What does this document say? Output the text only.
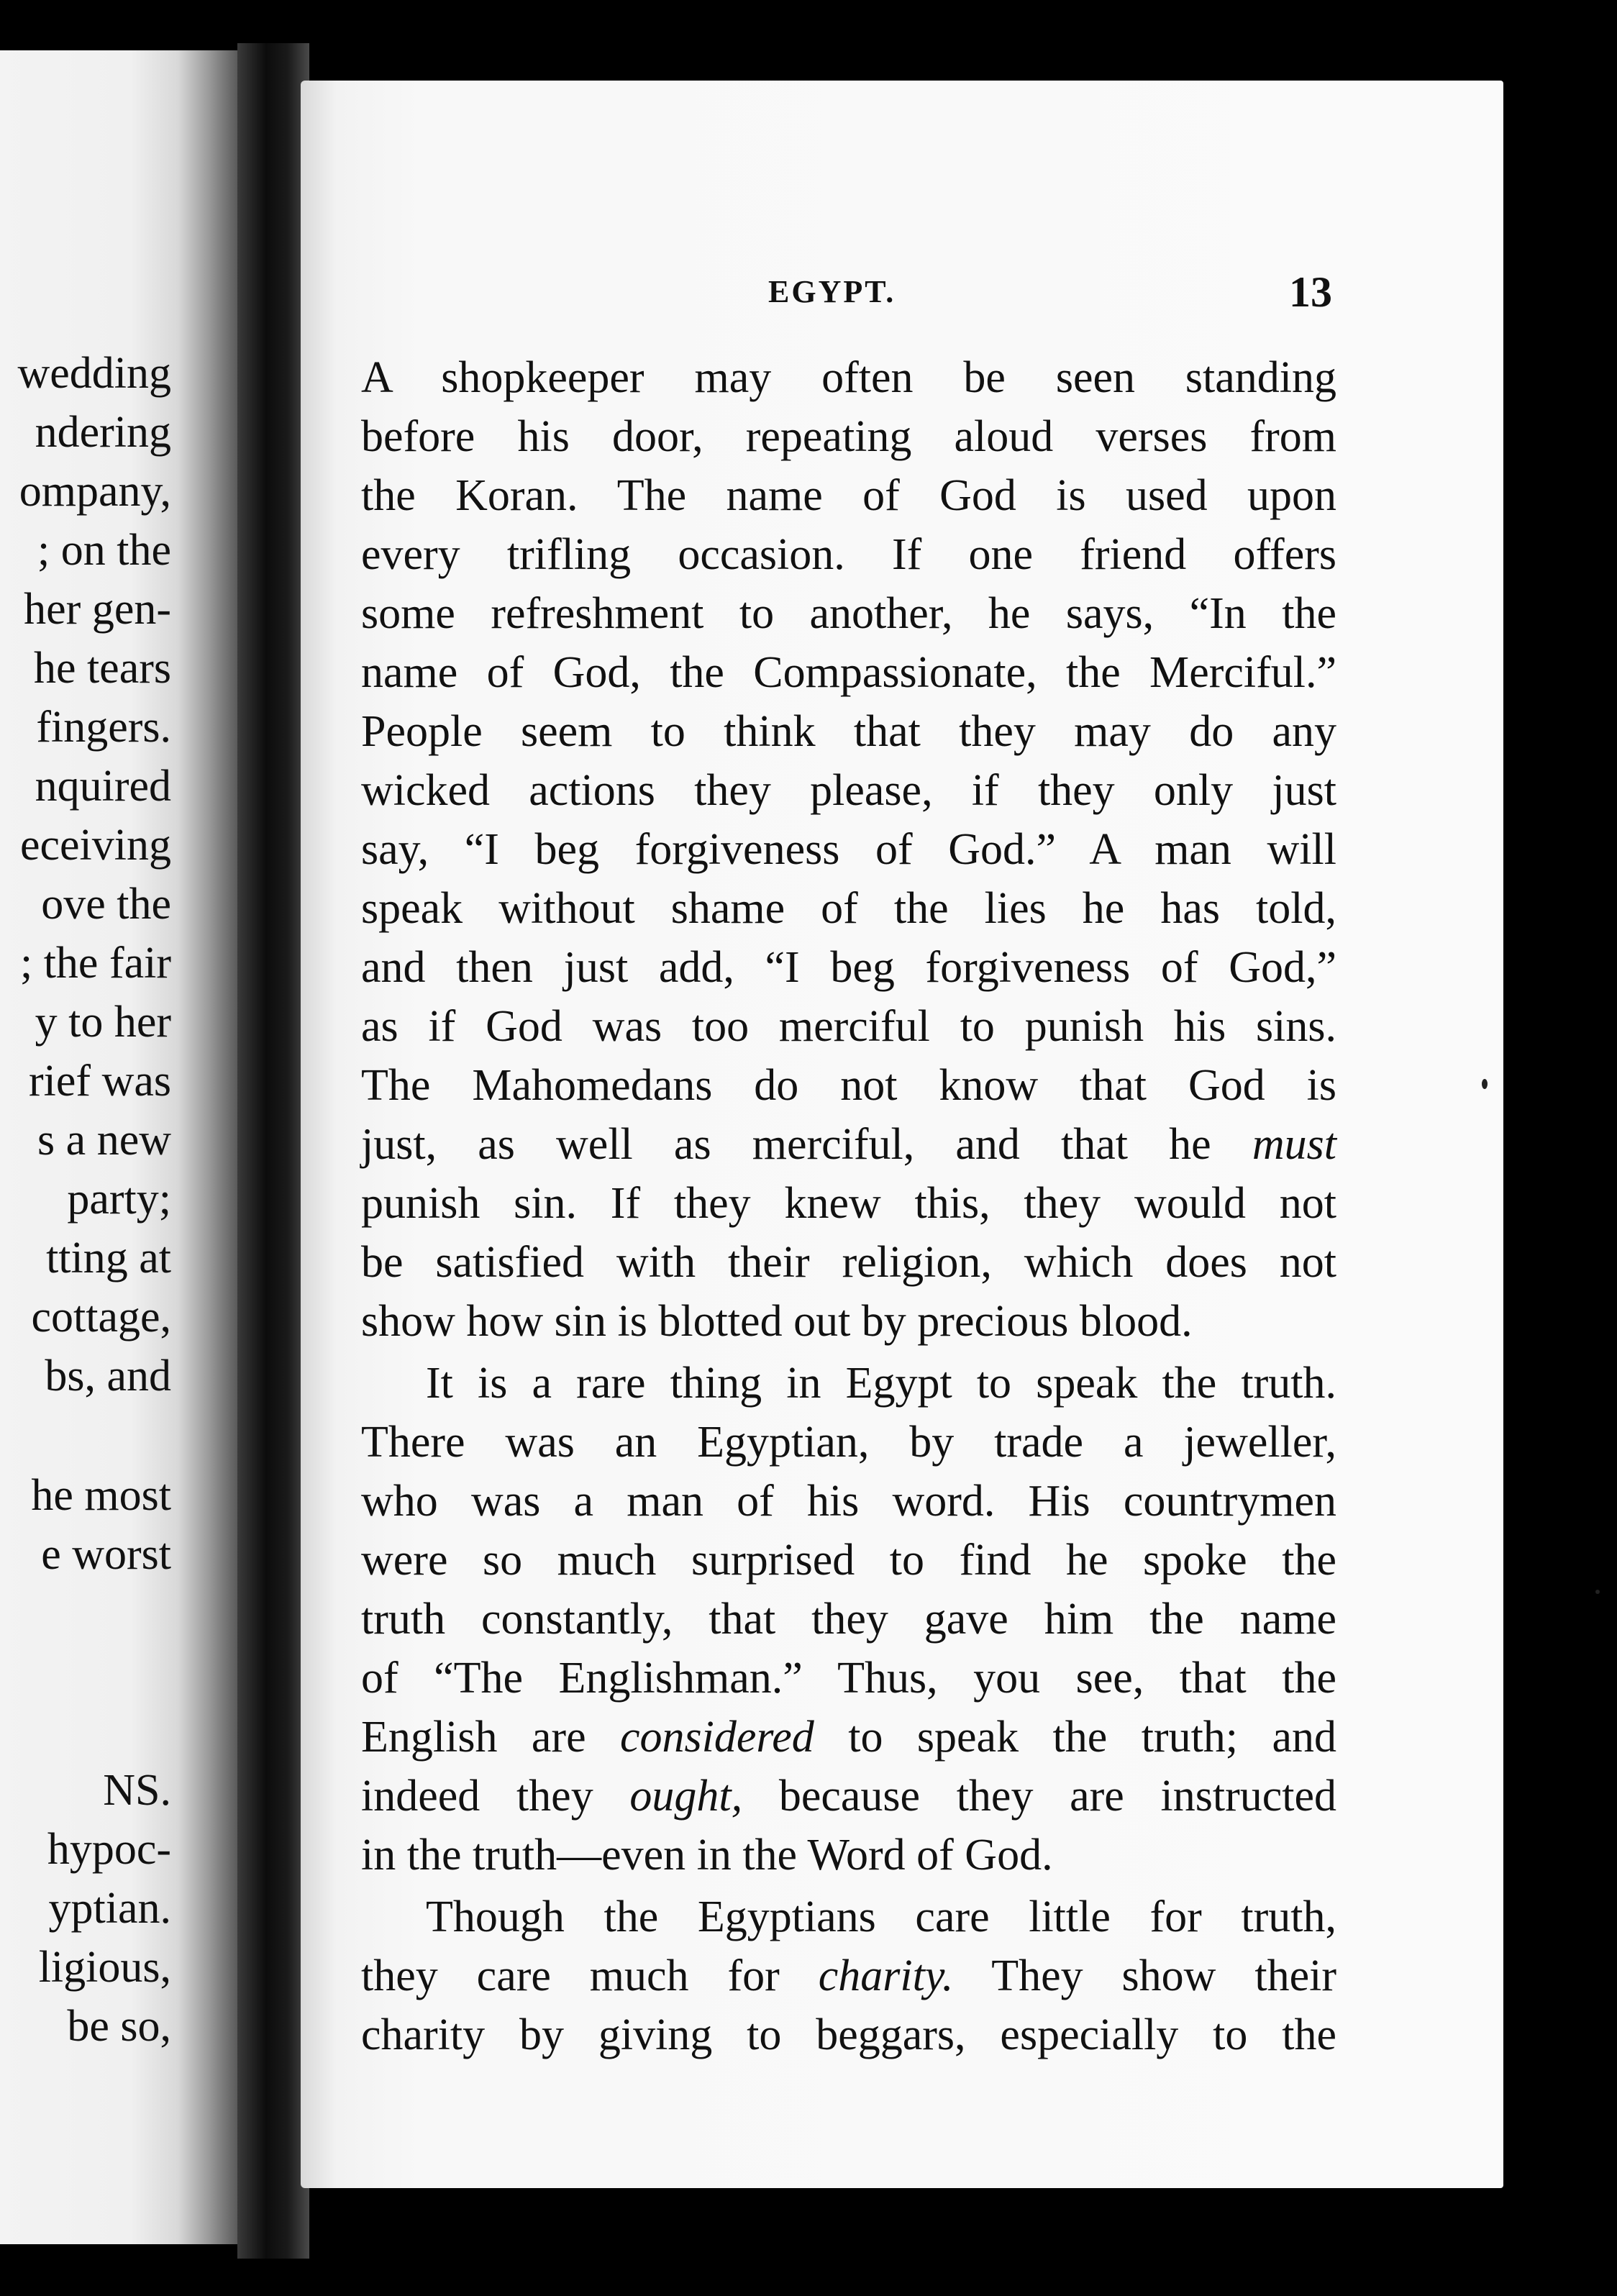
wedding
ndering
ompany,
; on the
her gen-
he tears
fingers.
nquired
eceiving
ove the
; the fair
y to her
rief was
s a new
party;
tting at
cottage,
bs, and
he most
e worst
NS.
hypoc-
yptian.
ligious,
be so,
EGYPT.	13
A shopkeeper may often be seen standing
before his door, repeating aloud verses from
the Koran. The name of God is used upon
every trifling occasion. If one friend offers
some refreshment to another, he says, “In the
name of God, the Compassionate, the Merciful.”
People seem to think that they may do any
wicked actions they please, if they only just
say, “I beg forgiveness of God.” A man will
speak without shame of the lies he has told,
and then just add, “I beg forgiveness of God,”
as if God was too merciful to punish his sins.
The Mahomedans do not know that God is
just, as well as merciful, and that he must
punish sin. If they knew this, they would not
be satisfied with their religion, which does not
show how sin is blotted out by precious blood.
It is a rare thing in Egypt to speak the truth.
There was an Egyptian, by trade a jeweller,
who was a man of his word. His countrymen
were so much surprised to find he spoke the
truth constantly, that they gave him the name
of “The Englishman.” Thus, you see, that the
English are considered to speak the truth; and
indeed they ought, because they are instructed
in the truth—even in the Word of God.
Though the Egyptians care little for truth,
they care much for charity. They show their
charity by giving to beggars, especially to the
